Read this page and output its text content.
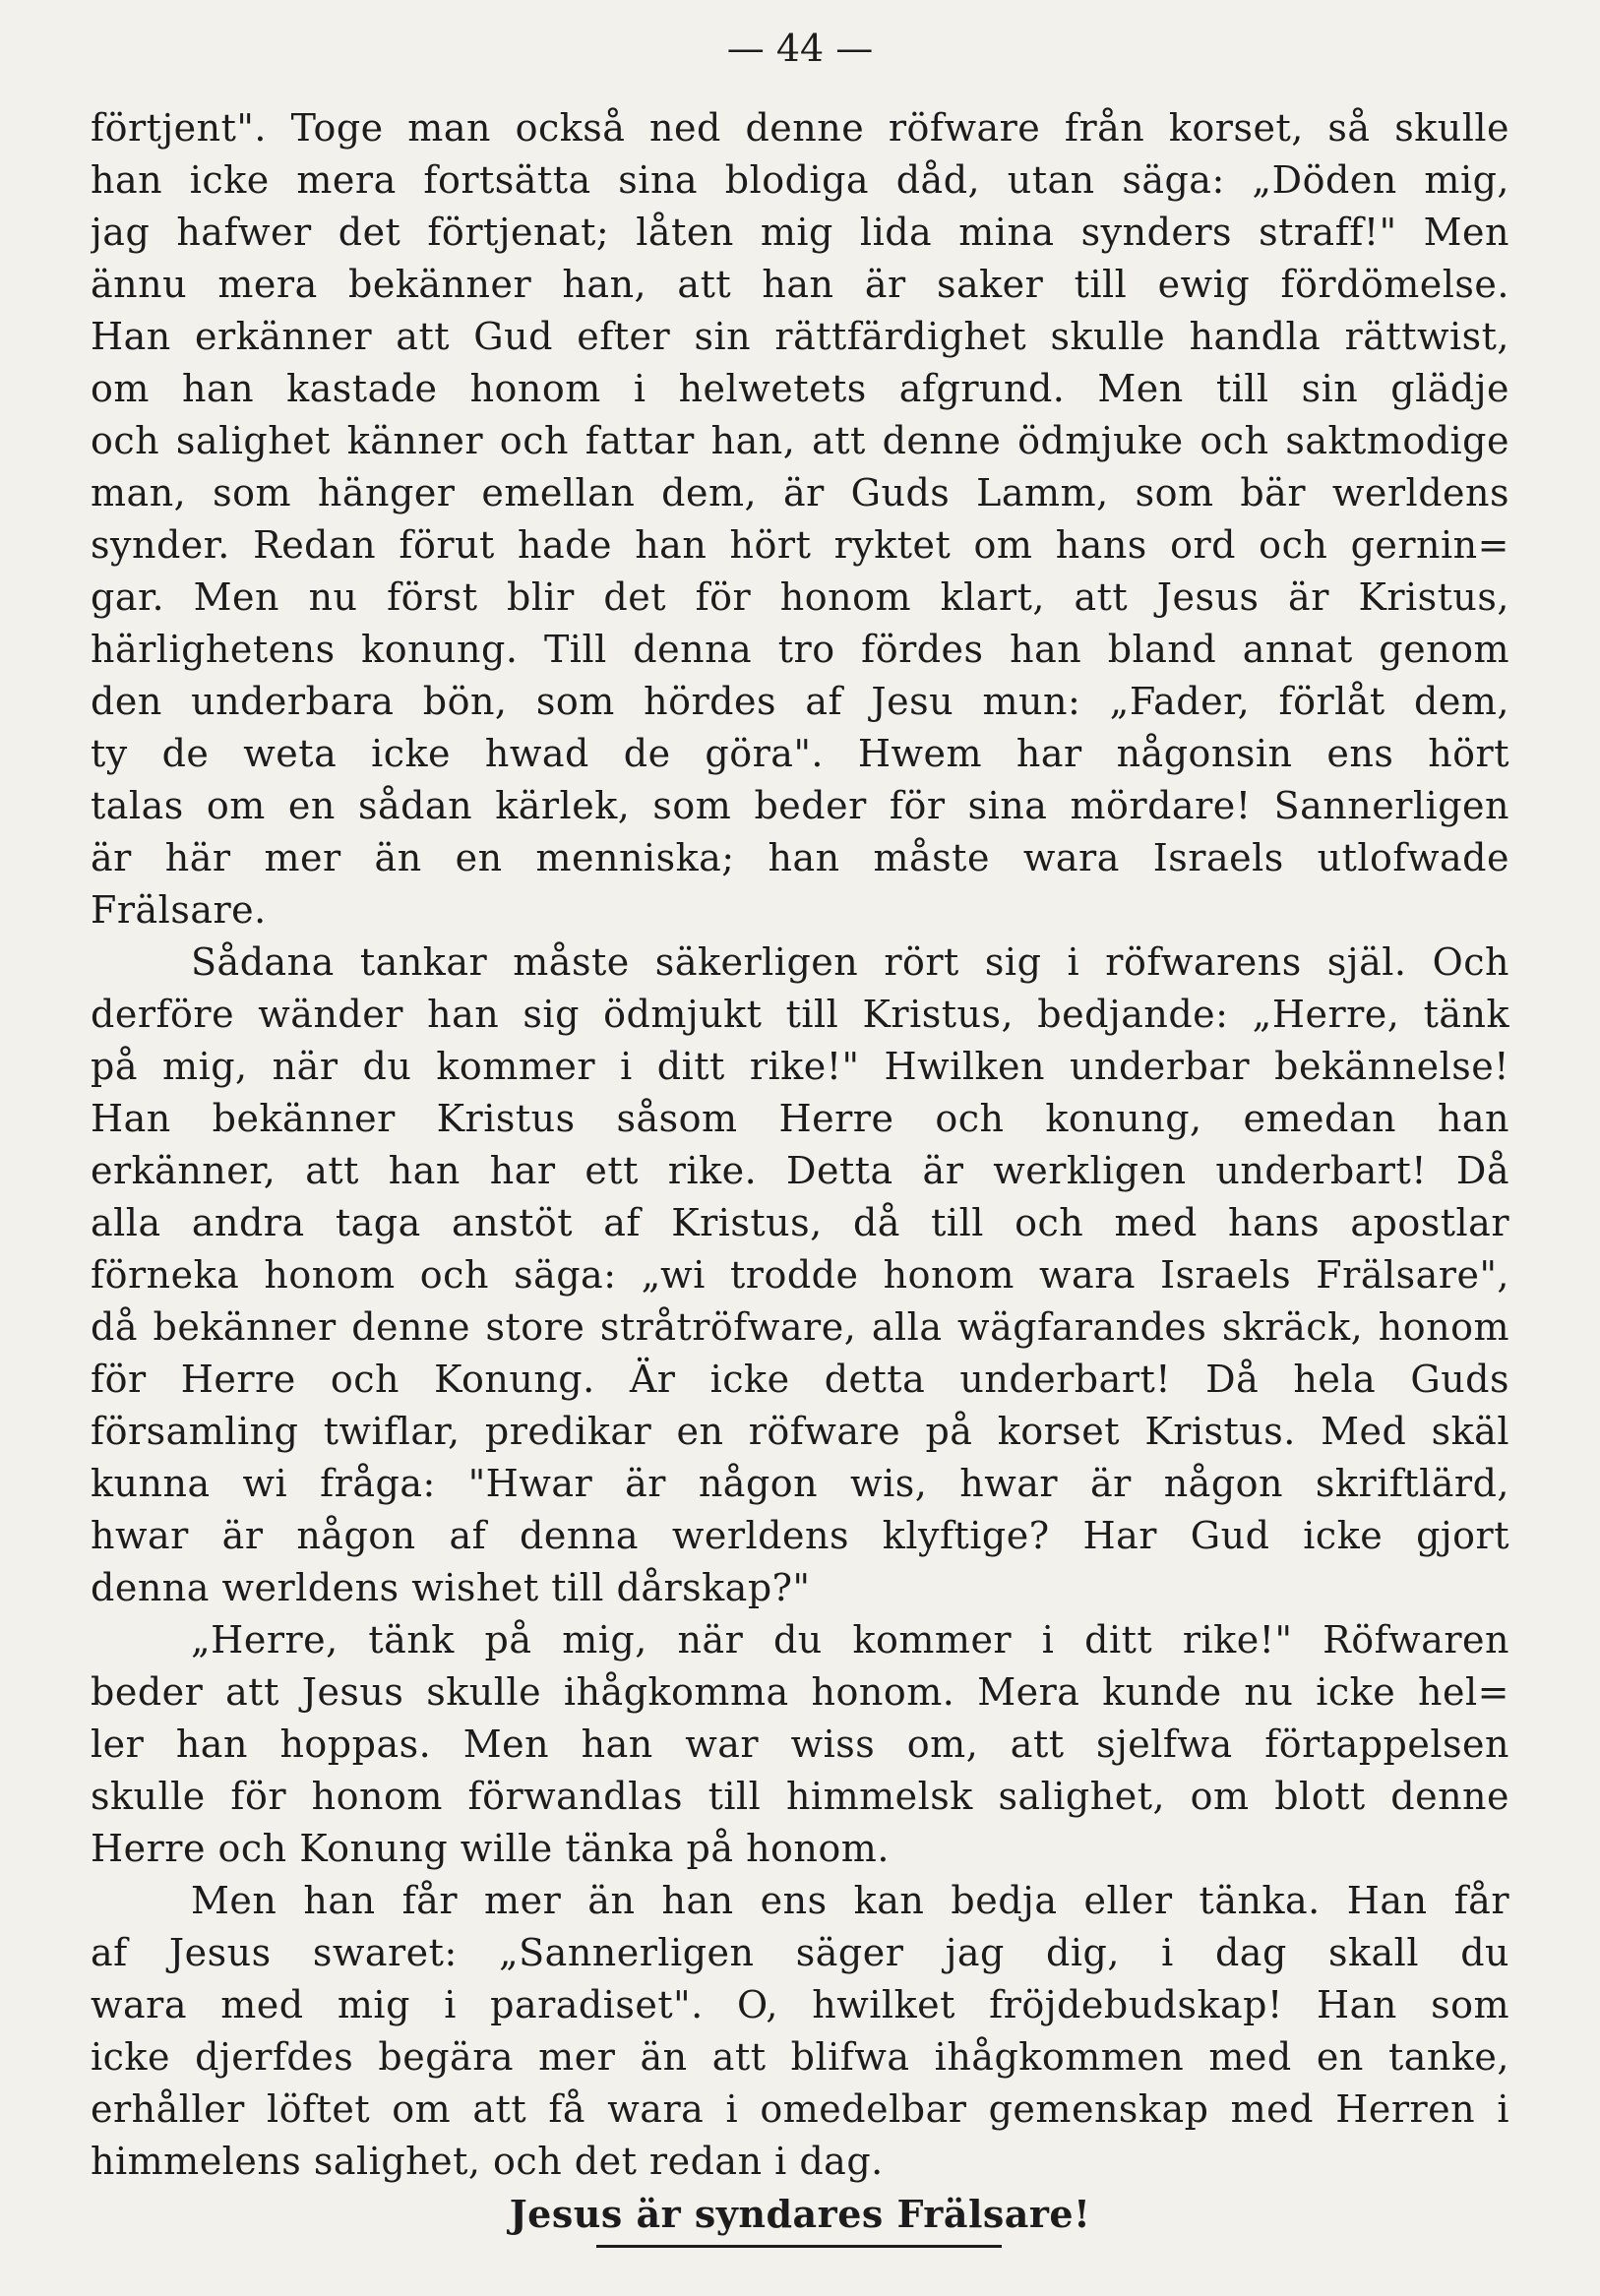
— 44 —
förtjent". Toge man också ned denne röfware från korset, så skulle
han icke mera fortsätta sina blodiga dåd, utan säga: „Döden mig,
jag hafwer det förtjenat; låten mig lida mina synders straff!" Men
ännu mera bekänner han, att han är saker till ewig fördömelse.
Han erkänner att Gud efter sin rättfärdighet skulle handla rättwist,
om han kastade honom i helwetets afgrund. Men till sin glädje
och salighet känner och fattar han, att denne ödmjuke och saktmodige
man, som hänger emellan dem, är Guds Lamm, som bär werldens
synder. Redan förut hade han hört ryktet om hans ord och gernin=
gar. Men nu först blir det för honom klart, att Jesus är Kristus,
härlighetens konung. Till denna tro fördes han bland annat genom
den underbara bön, som hördes af Jesu mun: „Fader, förlåt dem,
ty de weta icke hwad de göra". Hwem har någonsin ens hört
talas om en sådan kärlek, som beder för sina mördare! Sannerligen
är här mer än en menniska; han måste wara Israels utlofwade
Frälsare.
Sådana tankar måste säkerligen rört sig i röfwarens själ. Och
derföre wänder han sig ödmjukt till Kristus, bedjande: „Herre, tänk
på mig, när du kommer i ditt rike!" Hwilken underbar bekännelse!
Han bekänner Kristus såsom Herre och konung, emedan han
erkänner, att han har ett rike. Detta är werkligen underbart! Då
alla andra taga anstöt af Kristus, då till och med hans apostlar
förneka honom och säga: „wi trodde honom wara Israels Frälsare",
då bekänner denne store stråtröfware, alla wägfarandes skräck, honom
för Herre och Konung. Är icke detta underbart! Då hela Guds
församling twiflar, predikar en röfware på korset Kristus. Med skäl
kunna wi fråga: "Hwar är någon wis, hwar är någon skriftlärd,
hwar är någon af denna werldens klyftige? Har Gud icke gjort
denna werldens wishet till dårskap?"
„Herre, tänk på mig, när du kommer i ditt rike!" Röfwaren
beder att Jesus skulle ihågkomma honom. Mera kunde nu icke hel=
ler han hoppas. Men han war wiss om, att sjelfwa förtappelsen
skulle för honom förwandlas till himmelsk salighet, om blott denne
Herre och Konung wille tänka på honom.
Men han får mer än han ens kan bedja eller tänka. Han får
af Jesus swaret: „Sannerligen säger jag dig, i dag skall du
wara med mig i paradiset". O, hwilket fröjdebudskap! Han som
icke djerfdes begära mer än att blifwa ihågkommen med en tanke,
erhåller löftet om att få wara i omedelbar gemenskap med Herren i
himmelens salighet, och det redan i dag.
Jesus är syndares Frälsare!
